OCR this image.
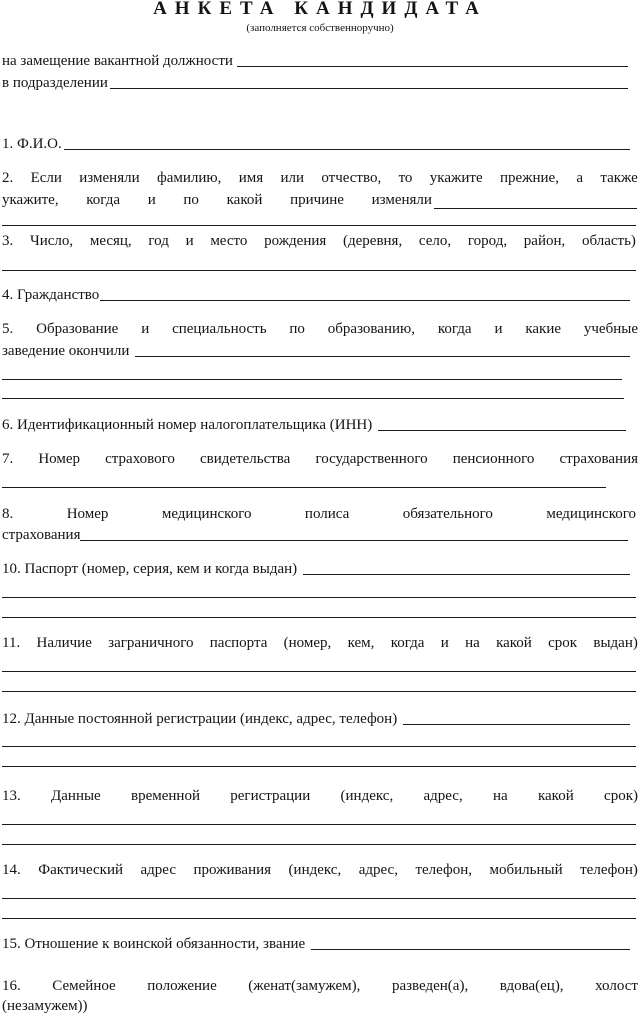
АНКЕТА КАНДИДАТА
(заполняется собственноручно)
на замещение вакантной должности
в подразделении
1. Ф.И.О.
2. Если изменяли фамилию, имя или отчество, то укажите прежние, а также
укажите, когда и по какой причине изменяли
3. Число, месяц, год и место рождения (деревня, село, город, район, область)
4. Гражданство
5. Образование и специальность по образованию, когда и какие учебные
заведение окончили
6. Идентификационный номер налогоплательщика (ИНН)
7. Номер страхового свидетельства государственного пенсионного страхования
8.	Номер	медицинского	полиса	обязательного	медицинского
страхования
10. Паспорт (номер, серия, кем и когда выдан)
11. Наличие заграничного паспорта (номер, кем, когда и на какой срок выдан)
12. Данные постоянной регистрации (индекс, адрес, телефон)
13. Данные временной регистрации (индекс, адрес, на какой срок)
14. Фактический адрес проживания (индекс, адрес, телефон, мобильный телефон)
15. Отношение к воинской обязанности, звание
16. Семейное положение (женат(замужем), разведен(а), вдова(ец), холост
(незамужем))
